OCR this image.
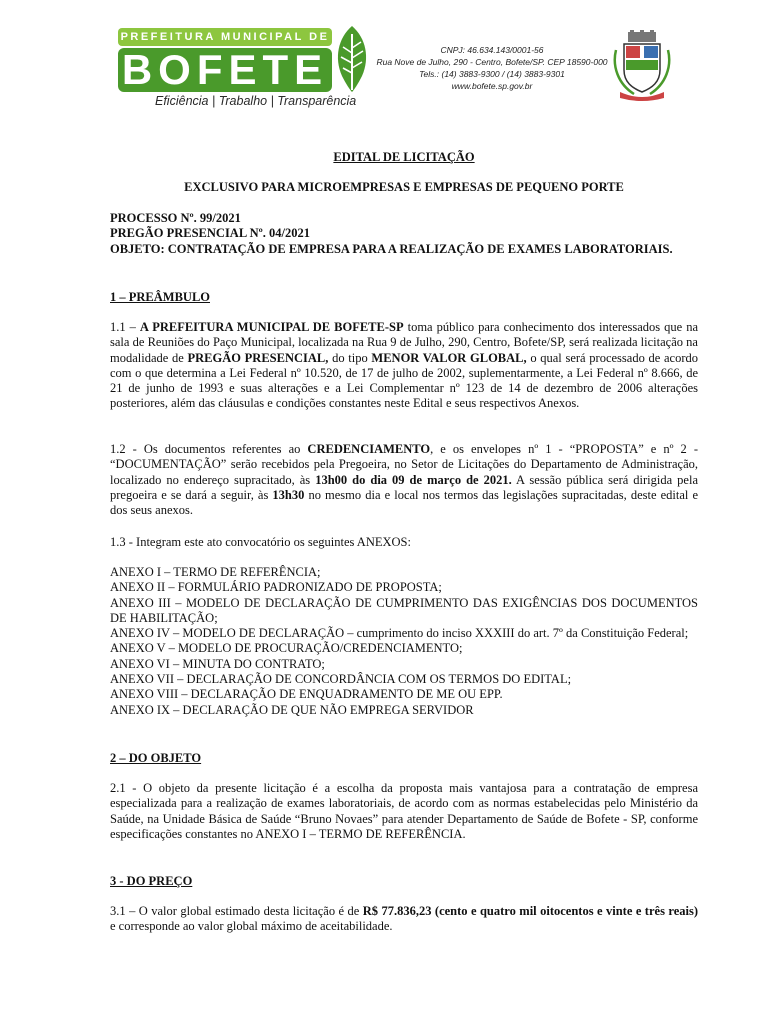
PREFEITURA MUNICIPAL DE
BOFETE
Eficiência | Trabalho | Transparência
CNPJ: 46.634.143/0001-56
Rua Nove de Julho, 290 - Centro, Bofete/SP. CEP 18590-000
Tels.: (14) 3883-9300 / (14) 3883-9301
www.bofete.sp.gov.br
EDITAL DE LICITAÇÃO
EXCLUSIVO PARA MICROEMPRESAS E EMPRESAS DE PEQUENO PORTE
PROCESSO Nº. 99/2021
PREGÃO PRESENCIAL Nº. 04/2021
OBJETO: CONTRATAÇÃO DE EMPRESA PARA A REALIZAÇÃO DE EXAMES LABORATORIAIS.
1 – PREÂMBULO
1.1 – A PREFEITURA MUNICIPAL DE BOFETE-SP toma público para conhecimento dos interessados que na sala de Reuniões do Paço Municipal, localizada na Rua 9 de Julho, 290, Centro, Bofete/SP, será realizada licitação na modalidade de PREGÃO PRESENCIAL, do tipo MENOR VALOR GLOBAL, o qual será processado de acordo com o que determina a Lei Federal nº 10.520, de 17 de julho de 2002, suplementarmente, a Lei Federal nº 8.666, de 21 de junho de 1993 e suas alterações e a Lei Complementar nº 123 de 14 de dezembro de 2006 alterações posteriores, além das cláusulas e condições constantes neste Edital e seus respectivos Anexos.
1.2 - Os documentos referentes ao CREDENCIAMENTO, e os envelopes nº 1 - “PROPOSTA” e nº 2 - “DOCUMENTAÇÃO” serão recebidos pela Pregoeira, no Setor de Licitações do Departamento de Administração, localizado no endereço supracitado, às 13h00 do dia 09 de março de 2021. A sessão pública será dirigida pela pregoeira e se dará a seguir, às 13h30 no mesmo dia e local nos termos das legislações supracitadas, deste edital e dos seus anexos.
1.3 - Integram este ato convocatório os seguintes ANEXOS:
ANEXO I – TERMO DE REFERÊNCIA;
ANEXO II – FORMULÁRIO PADRONIZADO DE PROPOSTA;
ANEXO III – MODELO DE DECLARAÇÃO DE CUMPRIMENTO DAS EXIGÊNCIAS DOS DOCUMENTOS DE HABILITAÇÃO;
ANEXO IV – MODELO DE DECLARAÇÃO – cumprimento do inciso XXXIII do art. 7º da Constituição Federal;
ANEXO V – MODELO DE PROCURAÇÃO/CREDENCIAMENTO;
ANEXO VI – MINUTA DO CONTRATO;
ANEXO VII – DECLARAÇÃO DE CONCORDÂNCIA COM OS TERMOS DO EDITAL;
ANEXO VIII – DECLARAÇÃO DE ENQUADRAMENTO DE ME OU EPP.
ANEXO IX – DECLARAÇÃO DE QUE NÃO EMPREGA SERVIDOR
2 – DO OBJETO
2.1 - O objeto da presente licitação é a escolha da proposta mais vantajosa para a contratação de empresa especializada para a realização de exames laboratoriais, de acordo com as normas estabelecidas pelo Ministério da Saúde, na Unidade Básica de Saúde “Bruno Novaes” para atender Departamento de Saúde de Bofete - SP, conforme especificações constantes no ANEXO I – TERMO DE REFERÊNCIA.
3 - DO PREÇO
3.1 – O valor global estimado desta licitação é de R$ 77.836,23 (cento e quatro mil oitocentos e vinte e três reais) e corresponde ao valor global máximo de aceitabilidade.
